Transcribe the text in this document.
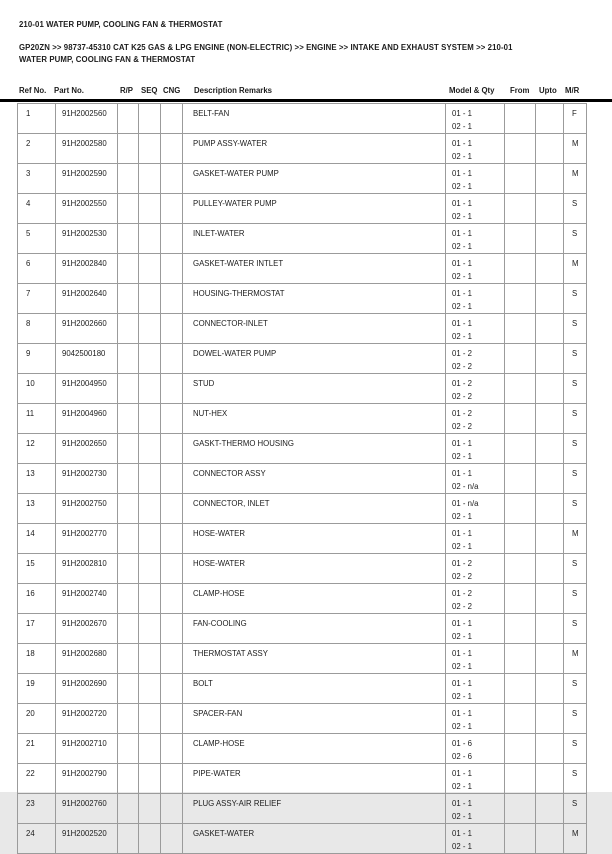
210-01 WATER PUMP, COOLING FAN & THERMOSTAT
GP20ZN >> 98737-45310 CAT K25 GAS & LPG ENGINE (NON-ELECTRIC) >> ENGINE >> INTAKE AND EXHAUST SYSTEM >> 210-01
WATER PUMP, COOLING FAN & THERMOSTAT
Ref No. Part No.	R/P SEQ CNG Description Remarks	Model & Qty From Upto M/R
1	91H2002560				BELT-FAN	01 - 1
02 - 1			F
2	91H2002580				PUMP ASSY-WATER	01 - 1
02 - 1			M
3	91H2002590				GASKET-WATER PUMP	01 - 1
02 - 1			M
4	91H2002550				PULLEY-WATER PUMP	01 - 1
02 - 1			S
5	91H2002530				INLET-WATER	01 - 1
02 - 1			S
6	91H2002840				GASKET-WATER INTLET	01 - 1
02 - 1			M
7	91H2002640				HOUSING-THERMOSTAT	01 - 1
02 - 1			S
8	91H2002660				CONNECTOR-INLET	01 - 1
02 - 1			S
9	9042500180				DOWEL-WATER PUMP	01 - 2
02 - 2			S
10	91H2004950				STUD	01 - 2
02 - 2			S
11	91H2004960				NUT-HEX	01 - 2
02 - 2			S
12	91H2002650				GASKT-THERMO HOUSING	01 - 1
02 - 1			S
13	91H2002730				CONNECTOR ASSY	01 - 1
02 - n/a			S
13	91H2002750				CONNECTOR, INLET	01 - n/a
02 - 1			S
14	91H2002770				HOSE-WATER	01 - 1
02 - 1			M
15	91H2002810				HOSE-WATER	01 - 2
02 - 2			S
16	91H2002740				CLAMP-HOSE	01 - 2
02 - 2			S
17	91H2002670				FAN-COOLING	01 - 1
02 - 1			S
18	91H2002680				THERMOSTAT ASSY	01 - 1
02 - 1			M
19	91H2002690				BOLT	01 - 1
02 - 1			S
20	91H2002720				SPACER-FAN	01 - 1
02 - 1			S
21	91H2002710				CLAMP-HOSE	01 - 6
02 - 6			S
22	91H2002790				PIPE-WATER	01 - 1
02 - 1			S
23	91H2002760				PLUG ASSY-AIR RELIEF	01 - 1
02 - 1			S
24	91H2002520				GASKET-WATER	01 - 1
02 - 1			M
